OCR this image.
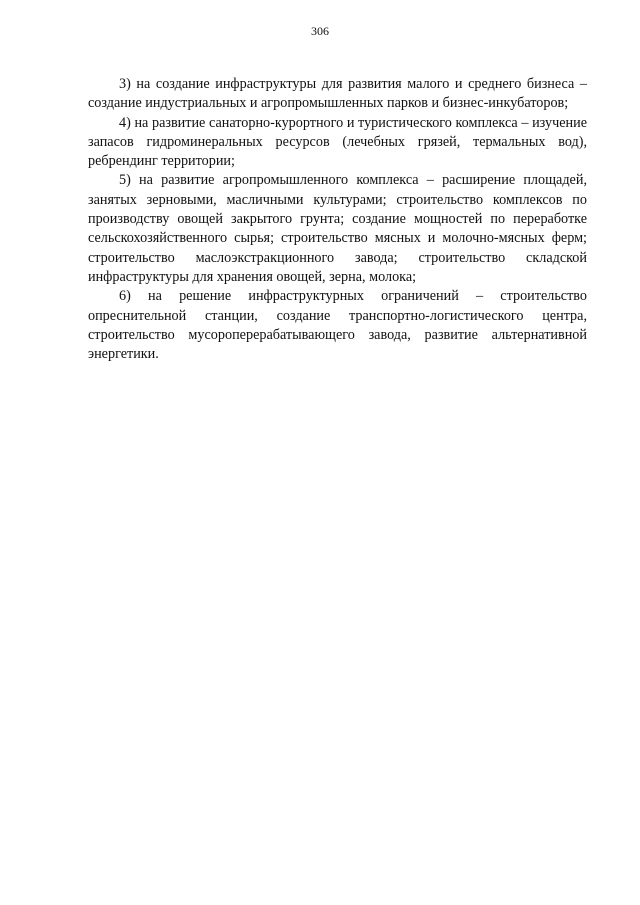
306

3) на создание инфраструктуры для развития малого и среднего бизнеса – создание индустриальных и агропромышленных парков и бизнес-инкубаторов;

4) на развитие санаторно-курортного и туристического комплекса – изучение запасов гидроминеральных ресурсов (лечебных грязей, термальных вод), ребрендинг территории;

5) на развитие агропромышленного комплекса – расширение площадей, занятых зерновыми, масличными культурами; строительство комплексов по производству овощей закрытого грунта; создание мощностей по переработке сельскохозяйственного сырья; строительство мясных и молочно-мясных ферм; строительство маслоэкстракционного завода; строительство складской инфраструктуры для хранения овощей, зерна, молока;

6) на решение инфраструктурных ограничений – строительство опреснительной станции, создание транспортно-логистического центра, строительство мусороперерабатывающего завода, развитие альтернативной энергетики.
